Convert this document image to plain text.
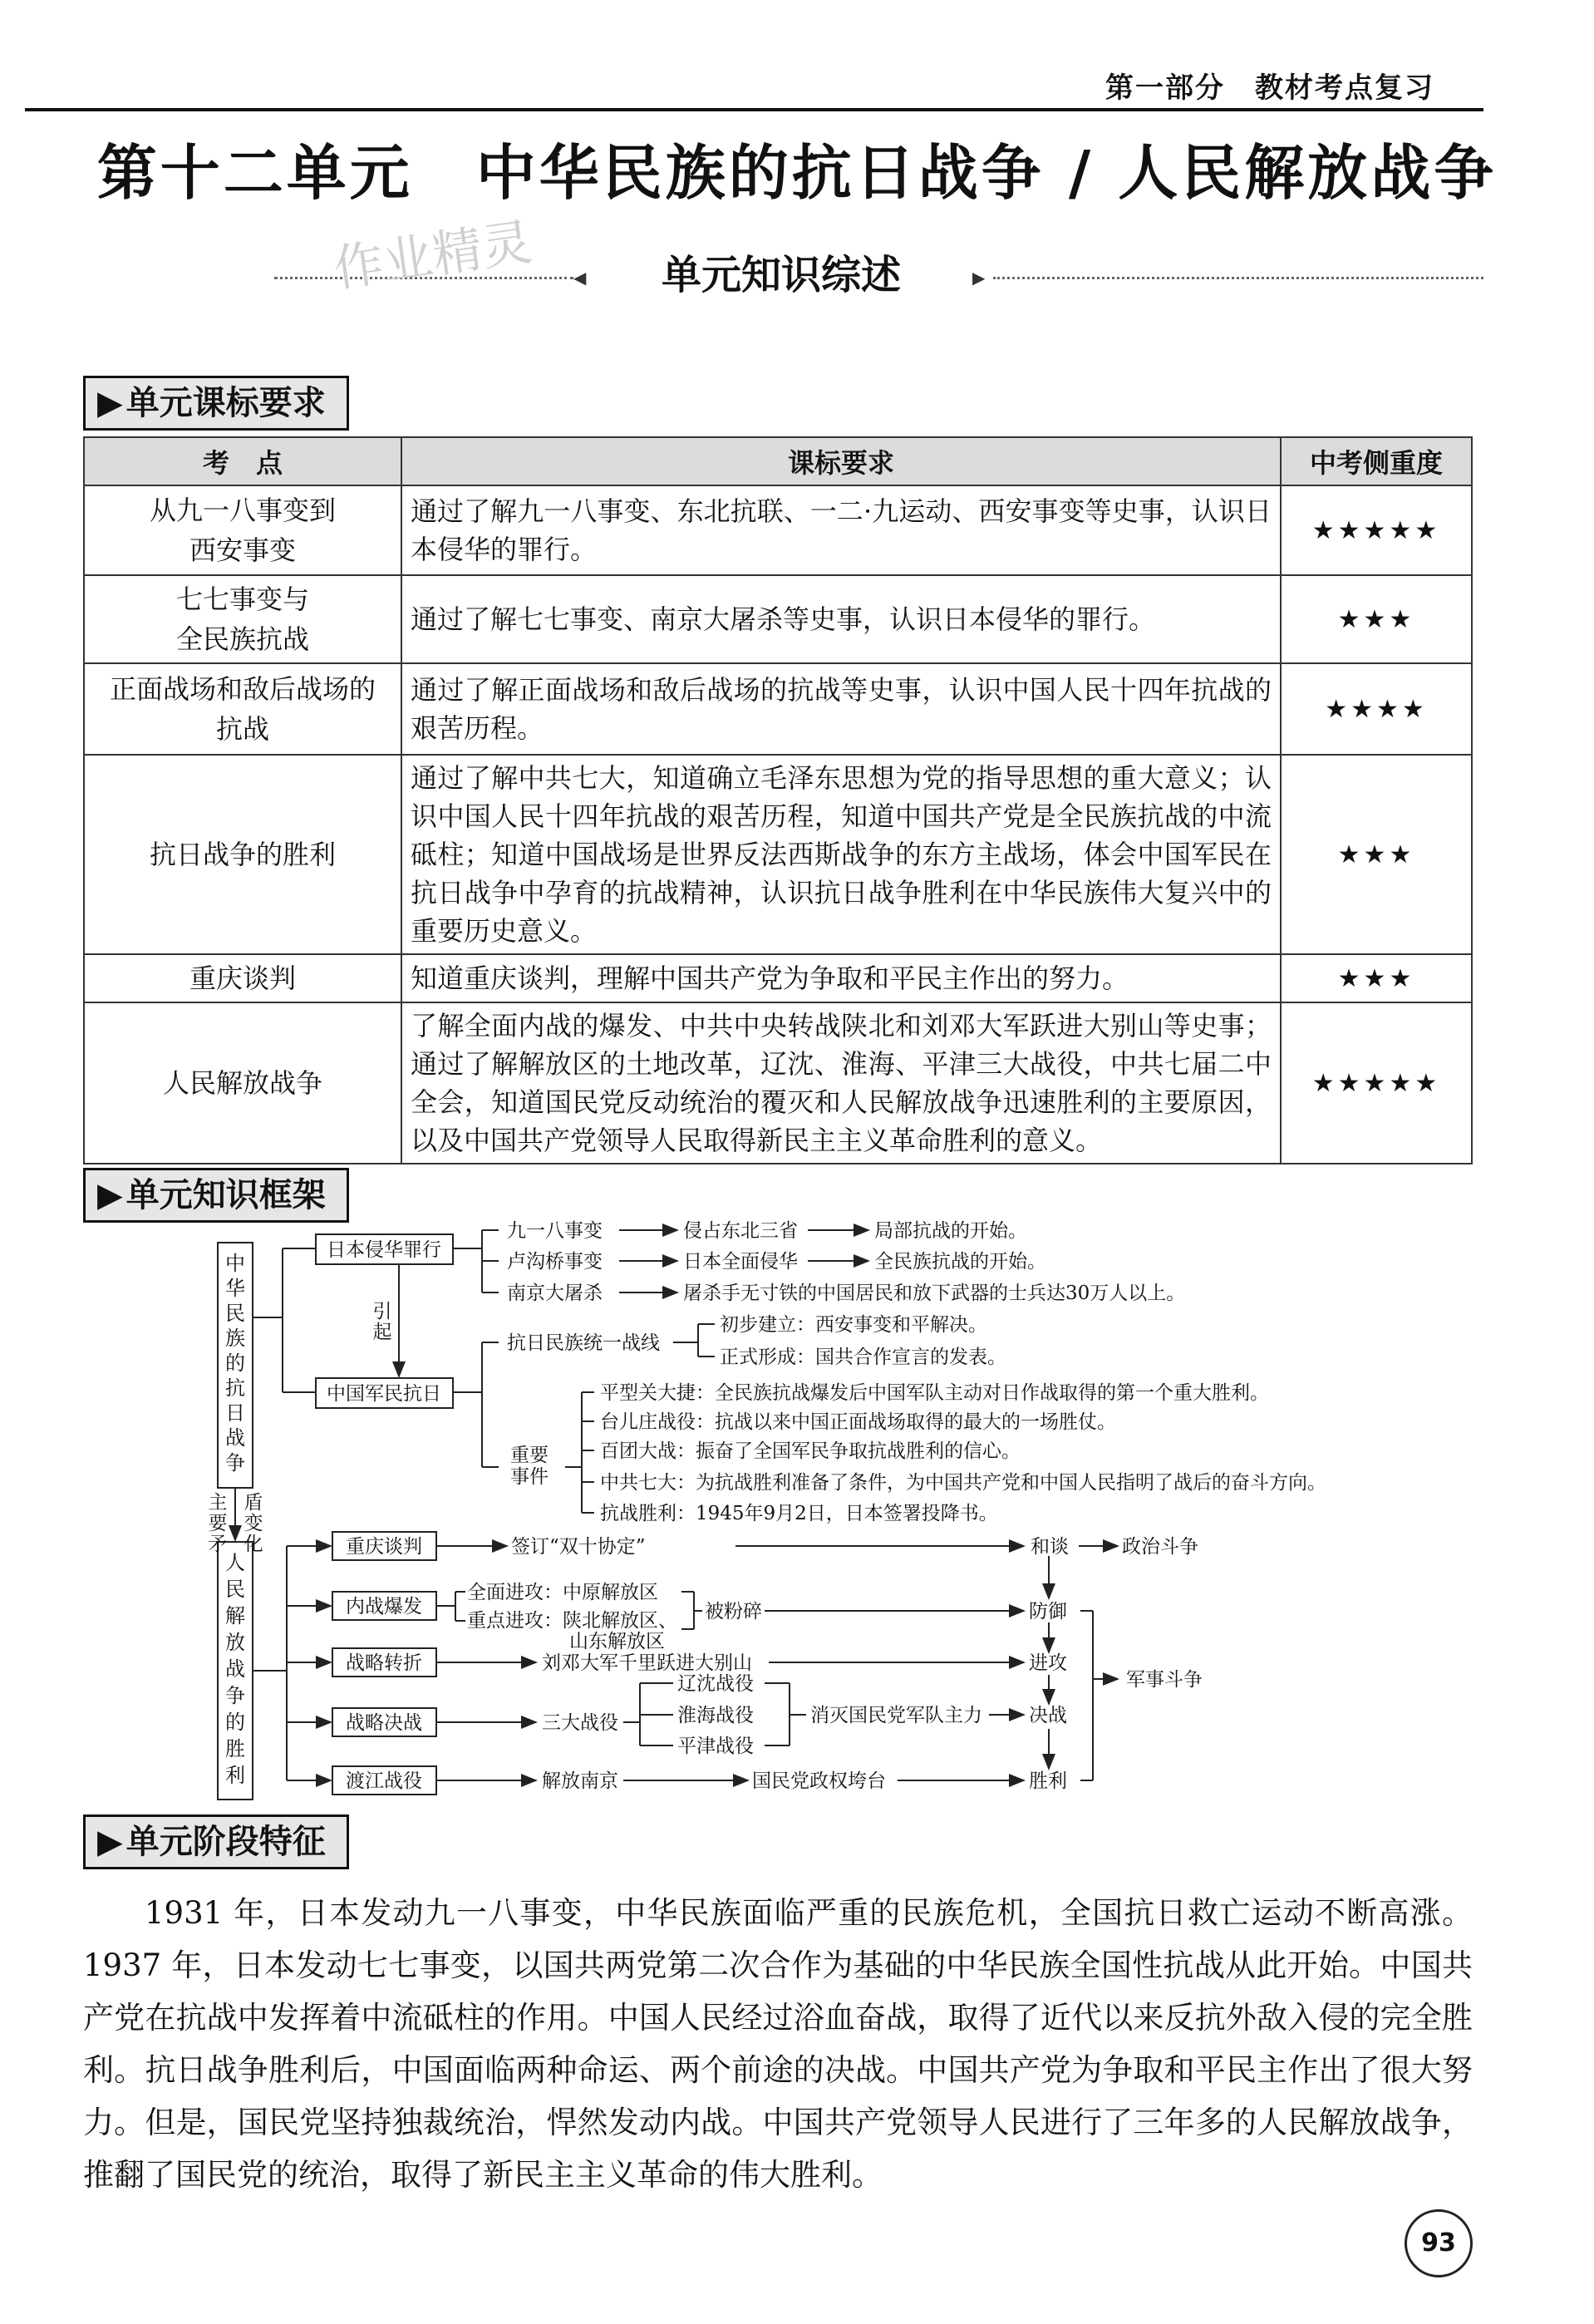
第一部分　教材考点复习
第十二单元　中华民族的抗日战争 / 人民解放战争
◀	单元知识综述	▶
作业精灵
▶ 单元课标要求
考　点	课标要求	中考侧重度
从九一八事变到
西安事变	通过了解九一八事变、东北抗联、一二·九运动、西安事变等史事，认识日本侵华的罪行。	★★★★★
七七事变与
全民族抗战	通过了解七七事变、南京大屠杀等史事，认识日本侵华的罪行。	★★★
正面战场和敌后战场的
抗战	通过了解正面战场和敌后战场的抗战等史事，认识中国人民十四年抗战的艰苦历程。	★★★★
抗日战争的胜利	通过了解中共七大，知道确立毛泽东思想为党的指导思想的重大意义；认识中国人民十四年抗战的艰苦历程，知道中国共产党是全民族抗战的中流砥柱；知道中国战场是世界反法西斯战争的东方主战场，体会中国军民在抗日战争中孕育的抗战精神，认识抗日战争胜利在中华民族伟大复兴中的重要历史意义。	★★★
重庆谈判	知道重庆谈判，理解中国共产党为争取和平民主作出的努力。	★★★
人民解放战争	了解全面内战的爆发、中共中央转战陕北和刘邓大军跃进大别山等史事；通过了解解放区的土地改革，辽沈、淮海、平津三大战役，中共七届二中全会，知道国民党反动统治的覆灭和人民解放战争迅速胜利的主要原因，以及中国共产党领导人民取得新民主主义革命胜利的意义。	★★★★★
▶ 单元知识框架
中
华
民
族
的
抗
日
战
争
人
民
解
放
战
争
的
胜
利
主
要
矛
盾
变
化
引
起
日本侵华罪行
中国军民抗日
九一八事变	侵占东北三省	局部抗战的开始。
卢沟桥事变	日本全面侵华	全民族抗战的开始。
南京大屠杀	屠杀手无寸铁的中国居民和放下武器的士兵达30万人以上。
抗日民族统一战线
初步建立：西安事变和平解决。
正式形成：国共合作宣言的发表。
重要
事件
平型关大捷：全民族抗战爆发后中国军队主动对日作战取得的第一个重大胜利。
台儿庄战役：抗战以来中国正面战场取得的最大的一场胜仗。
百团大战：振奋了全国军民争取抗战胜利的信心。
中共七大：为抗战胜利准备了条件，为中国共产党和中国人民指明了战后的奋斗方向。
抗战胜利：1945年9月2日，日本签署投降书。
重庆谈判
内战爆发
战略转折
战略决战
渡江战役
签订“双十协定”	和谈	政治斗争
全面进攻：中原解放区
重点进攻：陕北解放区、
山东解放区
被粉碎	防御
刘邓大军千里跃进大别山	进攻
军事斗争
三大战役
辽沈战役
淮海战役
平津战役
消灭国民党军队主力 决战
解放南京	国民党政权垮台	胜利
▶ 单元阶段特征
1931 年，日本发动九一八事变，中华民族面临严重的民族危机，全国抗日救亡运动不断高涨。1937 年，日本发动七七事变，以国共两党第二次合作为基础的中华民族全国性抗战从此开始。中国共产党在抗战中发挥着中流砥柱的作用。中国人民经过浴血奋战，取得了近代以来反抗外敌入侵的完全胜利。抗日战争胜利后，中国面临两种命运、两个前途的决战。中国共产党为争取和平民主作出了很大努力。但是，国民党坚持独裁统治，悍然发动内战。中国共产党领导人民进行了三年多的人民解放战争，推翻了国民党的统治，取得了新民主主义革命的伟大胜利。
93
